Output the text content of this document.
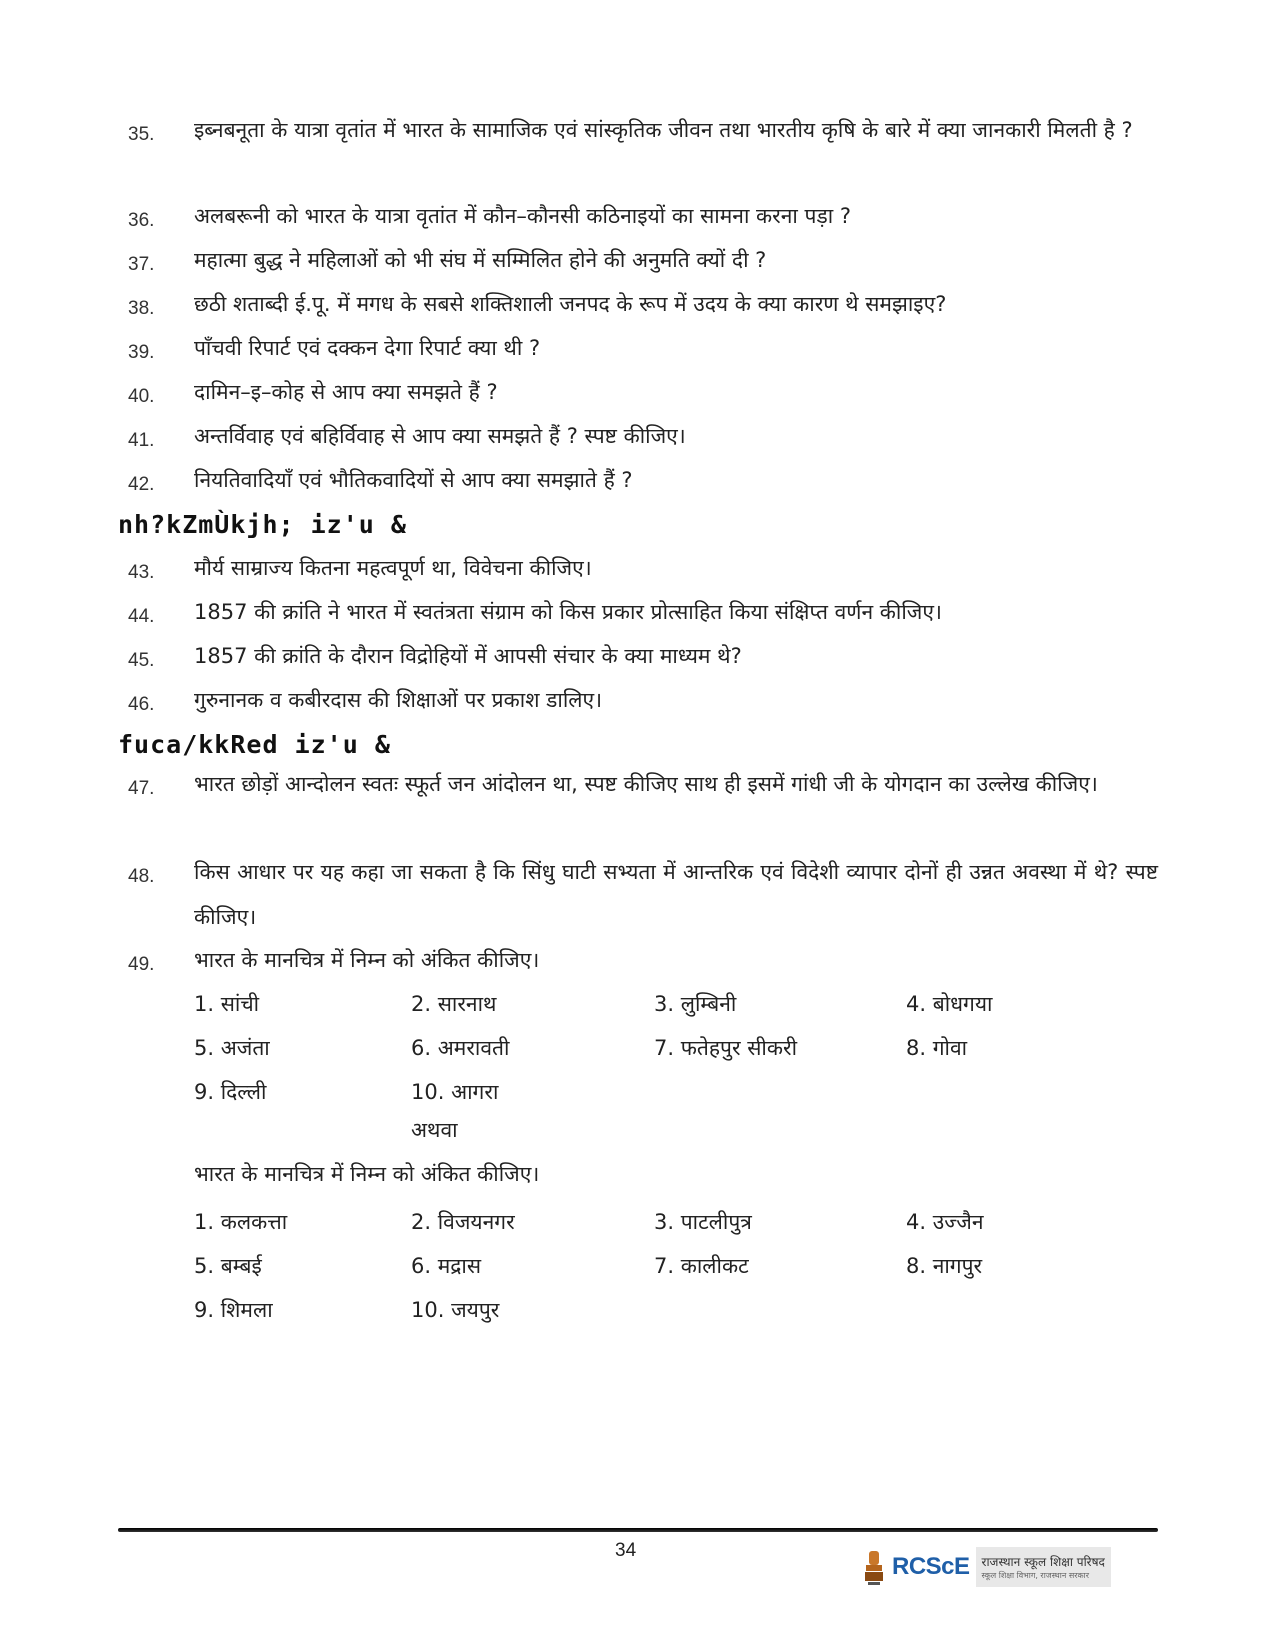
35. इब्नबनूता के यात्रा वृतांत में भारत के सामाजिक एवं सांस्कृतिक जीवन तथा भारतीय कृषि के बारे में क्या जानकारी मिलती है ?
36. अलबरूनी को भारत के यात्रा वृतांत में कौन–कौनसी कठिनाइयों का सामना करना पड़ा ?
37. महात्मा बुद्ध ने महिलाओं को भी संघ में सम्मिलित होने की अनुमति क्यों दी ?
38. छठी शताब्दी ई.पू. में मगध के सबसे शक्तिशाली जनपद के रूप में उदय के क्या कारण थे समझाइए?
39. पाँचवी रिपार्ट एवं दक्कन देगा रिपार्ट क्या थी ?
40. दामिन–इ–कोह से आप क्या समझते हैं ?
41. अन्तर्विवाह एवं बहिर्विवाह से आप क्या समझते हैं ? स्पष्ट कीजिए।
42. नियतिवादियाँ एवं भौतिकवादियों से आप क्या समझाते हैं ?
nh?kZmÙkjh; iz'u &
43. मौर्य साम्राज्य कितना महत्वपूर्ण था, विवेचना कीजिए।
44. 1857 की क्रांति ने भारत में स्वतंत्रता संग्राम को किस प्रकार प्रोत्साहित किया संक्षिप्त वर्णन कीजिए।
45. 1857 की क्रांति के दौरान विद्रोहियों में आपसी संचार के क्या माध्यम थे?
46. गुरुनानक व कबीरदास की शिक्षाओं पर प्रकाश डालिए।
fuca/kkRed iz'u &
47. भारत छोड़ों आन्दोलन स्वतः स्फूर्त जन आंदोलन था, स्पष्ट कीजिए साथ ही इसमें गांधी जी के योगदान का उल्लेख कीजिए।
48. किस आधार पर यह कहा जा सकता है कि सिंधु घाटी सभ्यता में आन्तरिक एवं विदेशी व्यापार दोनों ही उन्नत अवस्था में थे? स्पष्ट कीजिए।
49. भारत के मानचित्र में निम्न को अंकित कीजिए।
1. सांची	2. सारनाथ	3. लुम्बिनी	4. बोधगया
5. अजंता	6. अमरावती	7. फतेहपुर सीकरी	8. गोवा
9. दिल्ली	10. आगरा
अथवा
भारत के मानचित्र में निम्न को अंकित कीजिए।
1. कलकत्ता	2. विजयनगर	3. पाटलीपुत्र	4. उज्जैन
5. बम्बई	6. मद्रास	7. कालीकट	8. नागपुर
9. शिमला	10. जयपुर
34
RCScE राजस्थान स्कूल शिक्षा परिषद
स्कूल शिक्षा विभाग, राजस्थान सरकार
